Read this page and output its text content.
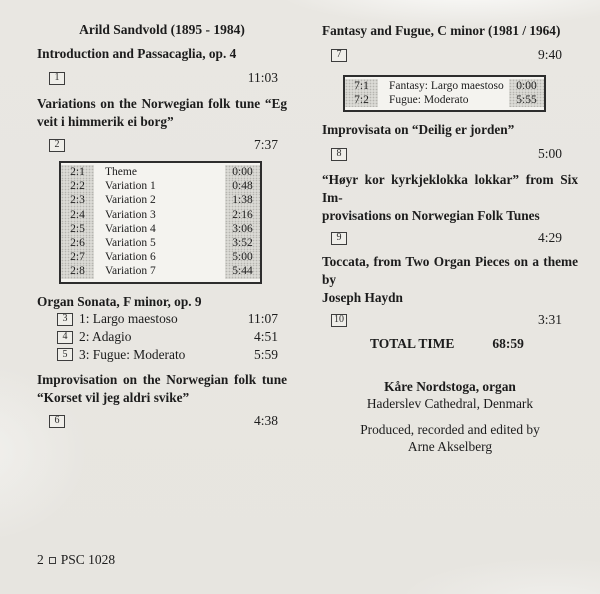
Arild Sandvold (1895 - 1984)
Introduction and Passacaglia, op. 4
1	11:03
Variations on the Norwegian folk tune “Eg
veit i himmerik ei borg”
2	7:37
2:1	Theme	0:00
2:2	Variation 1	0:48
2:3	Variation 2	1:38
2:4	Variation 3	2:16
2:5	Variation 4	3:06
2:6	Variation 5	3:52
2:7	Variation 6	5:00
2:8	Variation 7	5:44
Organ Sonata, F minor, op. 9
3 1: Largo maestoso	11:07
4 2: Adagio	4:51
5 3: Fugue: Moderato	5:59
Improvisation on the Norwegian folk tune
“Korset vil jeg aldri svike”
6	4:38
Fantasy and Fugue, C minor (1981 / 1964)
7	9:40
7:1	Fantasy: Largo maestoso	0:00
7:2	Fugue: Moderato	5:55
Improvisata on “Deilig er jorden”
8	5:00
“Høyr kor kyrkjeklokka lokkar” from Six Im-
provisations on Norwegian Folk Tunes
9	4:29
Toccata, from Two Organ Pieces on a theme by
Joseph Haydn
10	3:31
TOTAL TIME	68:59
Kåre Nordstoga, organ
Haderslev Cathedral, Denmark
Produced, recorded and edited by
Arne Akselberg
2 PSC 1028
